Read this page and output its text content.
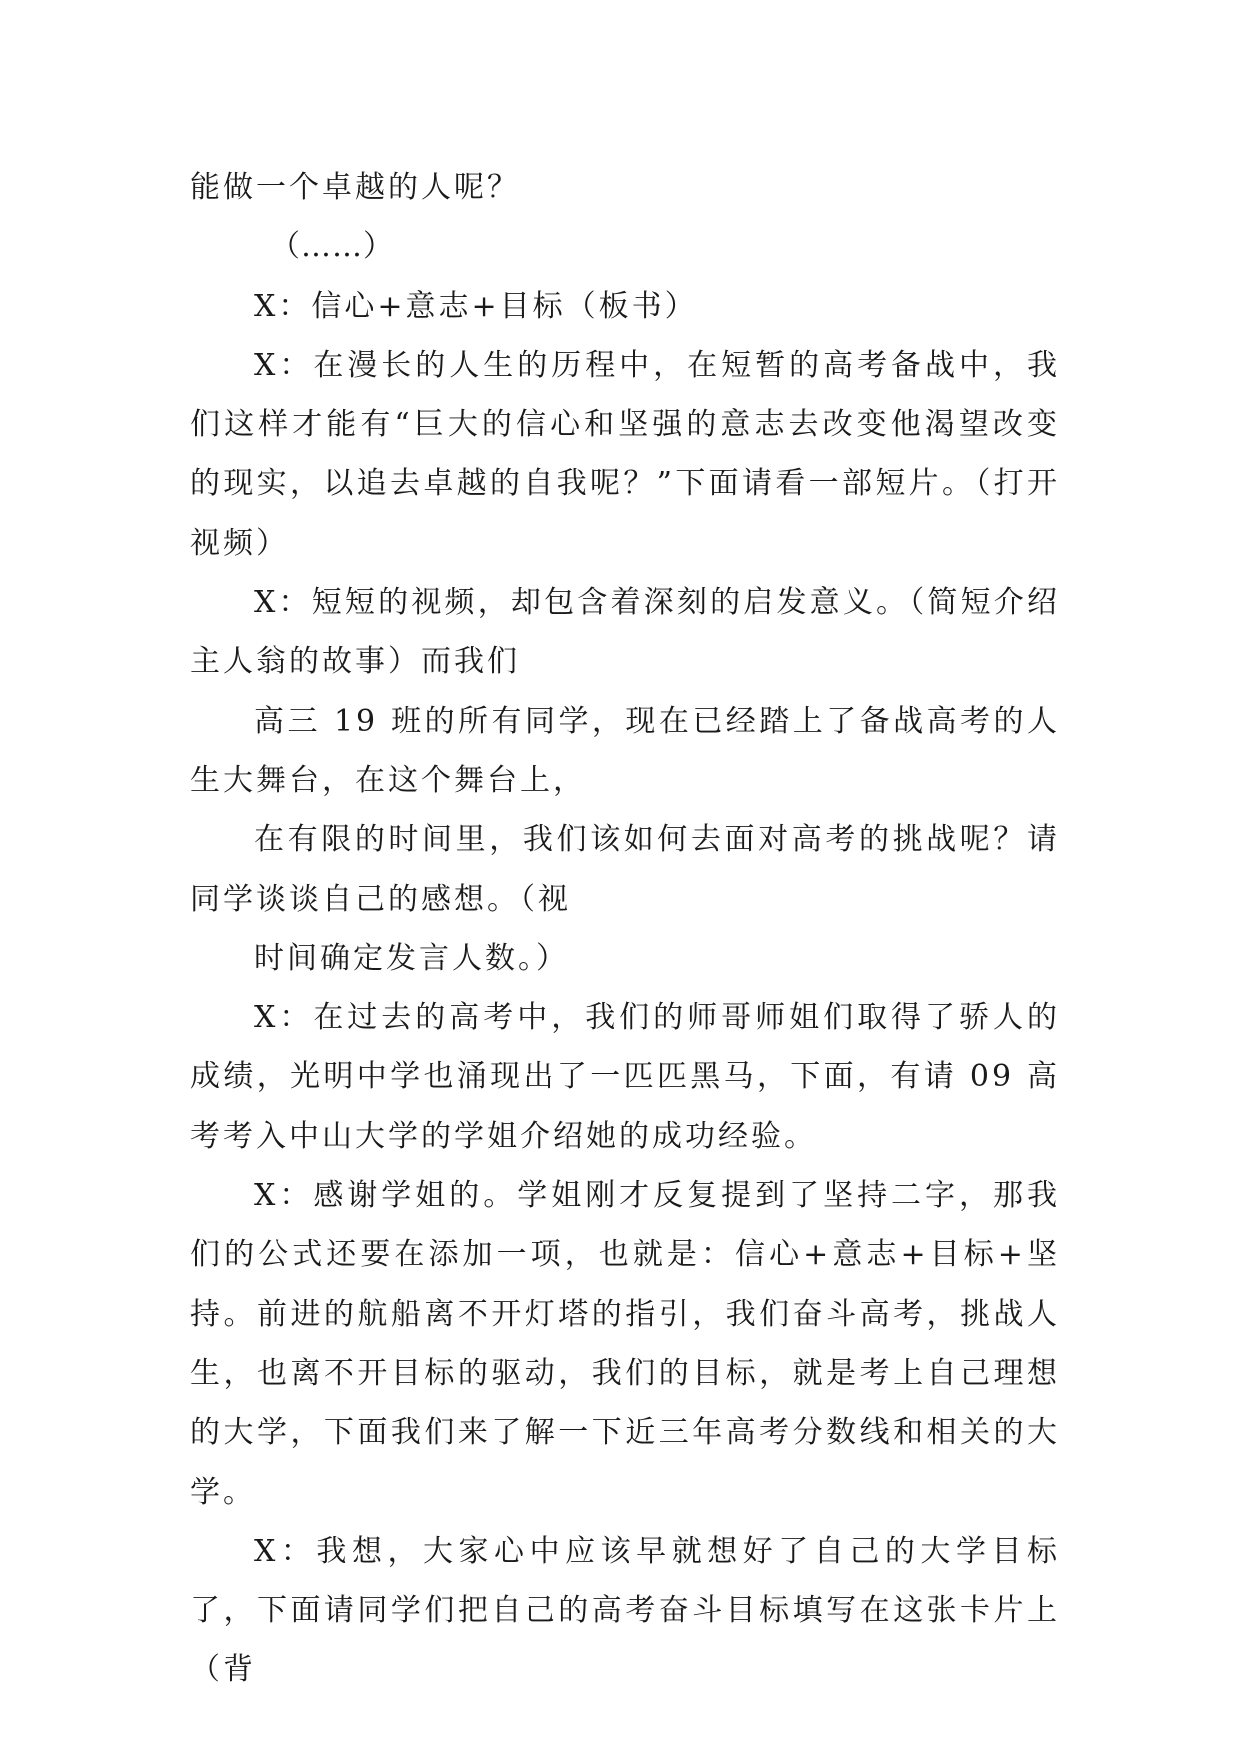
能做一个卓越的人呢？

（……）

X：信心+意志+目标（板书）

X：在漫长的人生的历程中，在短暂的高考备战中，我们这样才能有“巨大的信心和坚强的意志去改变他渴望改变的现实，以追去卓越的自我呢？”下面请看一部短片。（打开视频）

X：短短的视频，却包含着深刻的启发意义。（简短介绍主人翁的故事）而我们

高三 19 班的所有同学，现在已经踏上了备战高考的人生大舞台，在这个舞台上，

在有限的时间里，我们该如何去面对高考的挑战呢？请同学谈谈自己的感想。（视

时间确定发言人数。）

X：在过去的高考中，我们的师哥师姐们取得了骄人的成绩，光明中学也涌现出了一匹匹黑马，下面，有请 09 高考考入中山大学的学姐介绍她的成功经验。

X：感谢学姐的。学姐刚才反复提到了坚持二字，那我们的公式还要在添加一项，也就是：信心+意志+目标+坚持。前进的航船离不开灯塔的指引，我们奋斗高考，挑战人生，也离不开目标的驱动，我们的目标，就是考上自己理想的大学，下面我们来了解一下近三年高考分数线和相关的大学。

X：我想，大家心中应该早就想好了自己的大学目标了，下面请同学们把自己的高考奋斗目标填写在这张卡片上（背
